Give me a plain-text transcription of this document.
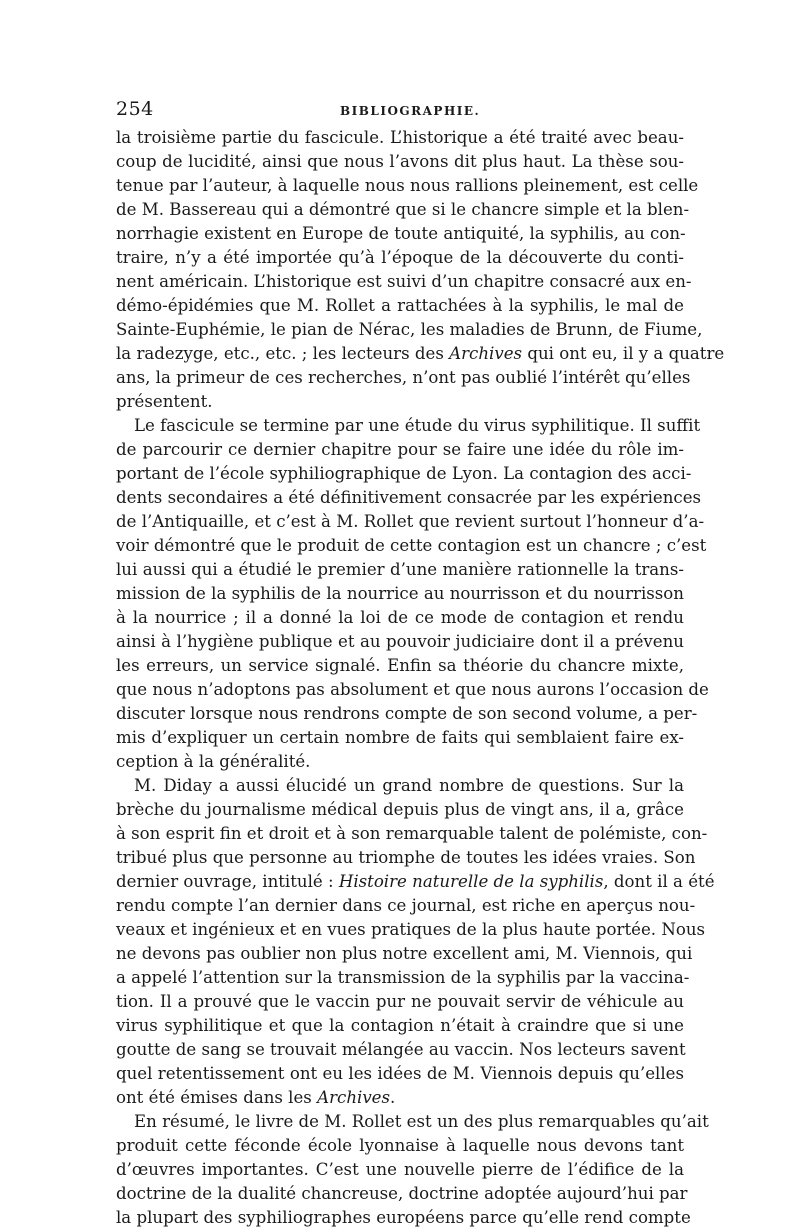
254	BIBLIOGRAPHIE.
la troisième partie du fascicule. L’historique a été traité avec beau-
coup de lucidité, ainsi que nous l’avons dit plus haut. La thèse sou-
tenue par l’auteur, à laquelle nous nous rallions pleinement, est celle
de M. Bassereau qui a démontré que si le chancre simple et la blen-
norrhagie existent en Europe de toute antiquité, la syphilis, au con-
traire, n’y a été importée qu’à l’époque de la découverte du conti-
nent américain. L’historique est suivi d’un chapitre consacré aux en-
démo-épidémies que M. Rollet a rattachées à la syphilis, le mal de
Sainte-Euphémie, le pian de Nérac, les maladies de Brunn, de Fiume,
la radezyge, etc., etc. ; les lecteurs des Archives qui ont eu, il y a quatre
ans, la primeur de ces recherches, n’ont pas oublié l’intérêt qu’elles
présentent.
Le fascicule se termine par une étude du virus syphilitique. Il suffit
de parcourir ce dernier chapitre pour se faire une idée du rôle im-
portant de l’école syphiliographique de Lyon. La contagion des acci-
dents secondaires a été définitivement consacrée par les expériences
de l’Antiquaille, et c’est à M. Rollet que revient surtout l’honneur d’a-
voir démontré que le produit de cette contagion est un chancre ; c’est
lui aussi qui a étudié le premier d’une manière rationnelle la trans-
mission de la syphilis de la nourrice au nourrisson et du nourrisson
à la nourrice ; il a donné la loi de ce mode de contagion et rendu
ainsi à l’hygiène publique et au pouvoir judiciaire dont il a prévenu
les erreurs, un service signalé. Enfin sa théorie du chancre mixte,
que nous n’adoptons pas absolument et que nous aurons l’occasion de
discuter lorsque nous rendrons compte de son second volume, a per-
mis d’expliquer un certain nombre de faits qui semblaient faire ex-
ception à la généralité.
M. Diday a aussi élucidé un grand nombre de questions. Sur la
brèche du journalisme médical depuis plus de vingt ans, il a, grâce
à son esprit fin et droit et à son remarquable talent de polémiste, con-
tribué plus que personne au triomphe de toutes les idées vraies. Son
dernier ouvrage, intitulé : Histoire naturelle de la syphilis, dont il a été
rendu compte l’an dernier dans ce journal, est riche en aperçus nou-
veaux et ingénieux et en vues pratiques de la plus haute portée. Nous
ne devons pas oublier non plus notre excellent ami, M. Viennois, qui
a appelé l’attention sur la transmission de la syphilis par la vaccina-
tion. Il a prouvé que le vaccin pur ne pouvait servir de véhicule au
virus syphilitique et que la contagion n’était à craindre que si une
goutte de sang se trouvait mélangée au vaccin. Nos lecteurs savent
quel retentissement ont eu les idées de M. Viennois depuis qu’elles
ont été émises dans les Archives.
En résumé, le livre de M. Rollet est un des plus remarquables qu’ait
produit cette féconde école lyonnaise à laquelle nous devons tant
d’œuvres importantes. C’est une nouvelle pierre de l’édifice de la
doctrine de la dualité chancreuse, doctrine adoptée aujourd’hui par
la plupart des syphiliographes européens parce qu’elle rend compte
